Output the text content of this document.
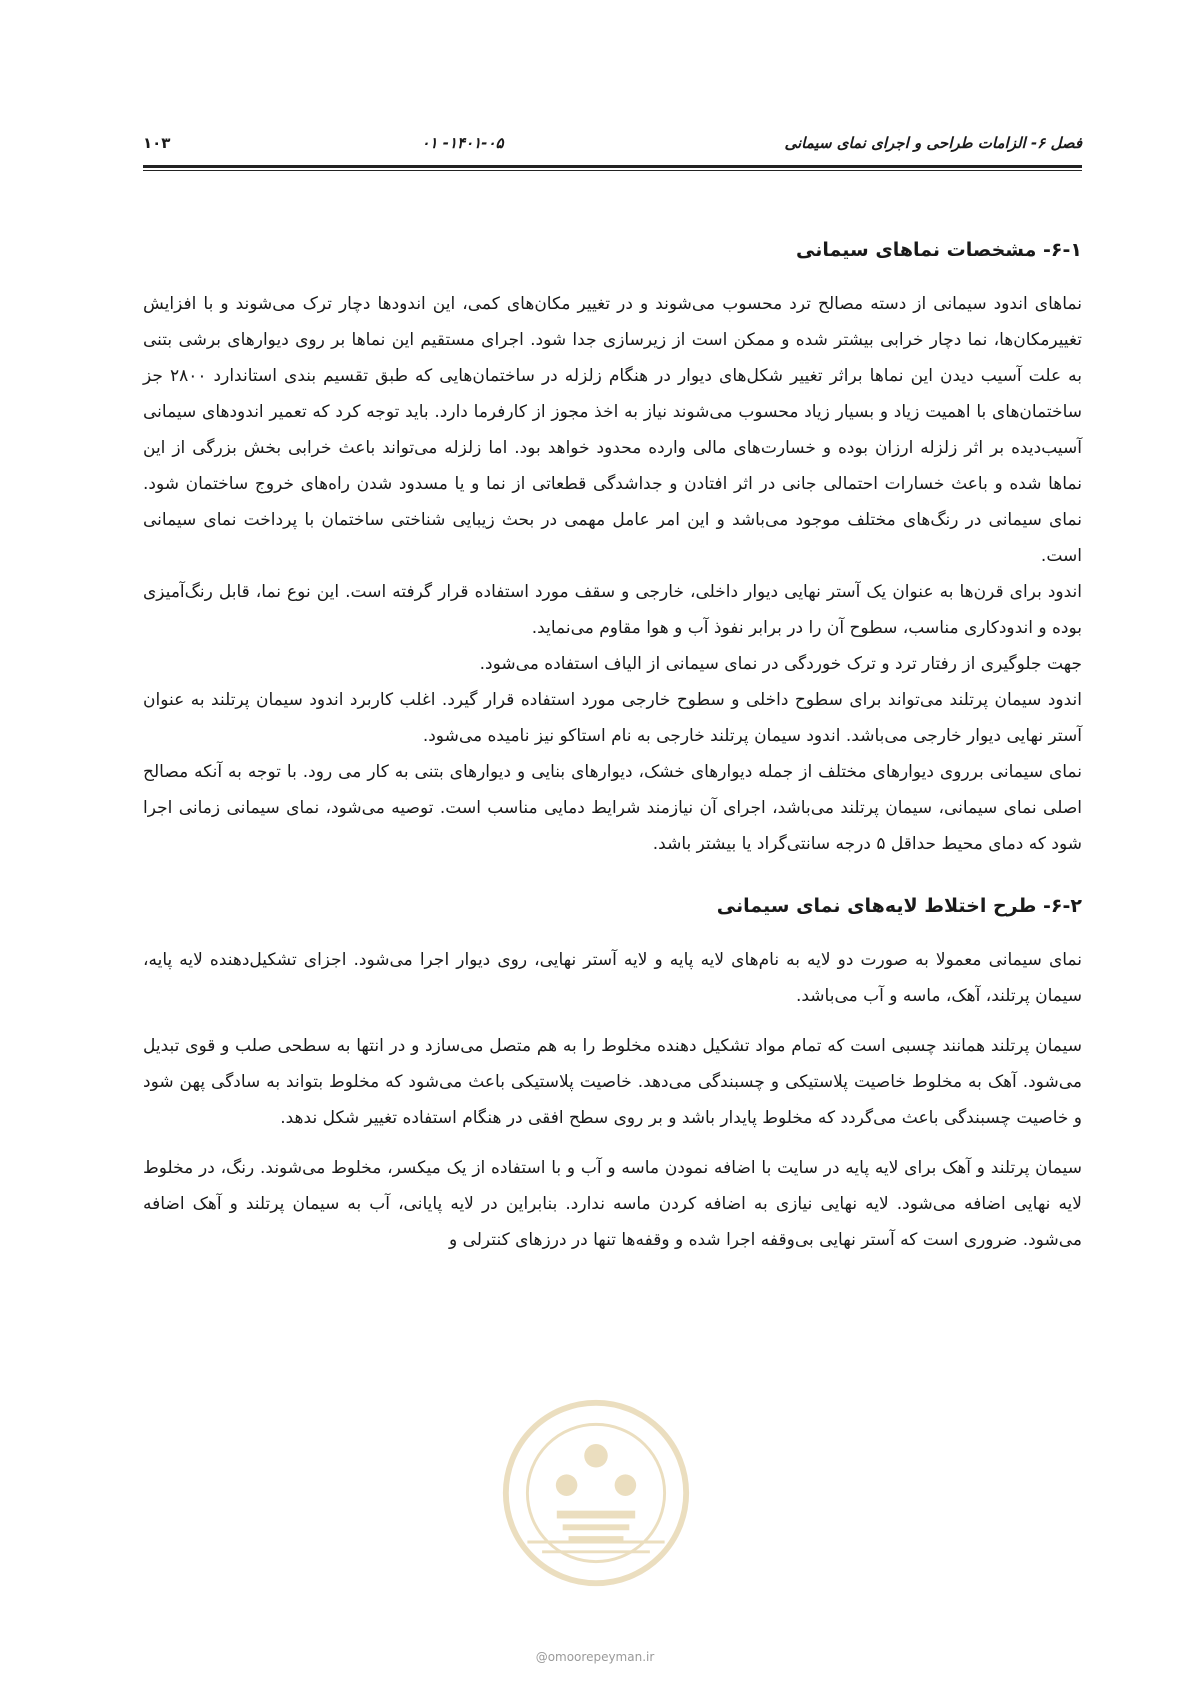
فصل ۶- الزامات طراحی و اجرای نمای سیمانی
۱۴۰۱-۰۵- ۰۱
۱۰۳
۶-۱- مشخصات نماهای سیمانی

نماهای اندود سیمانی از دسته مصالح ترد محسوب می‌شوند و در تغییر مکان‌های کمی، این اندودها دچار ترک می‌شوند و با افزایش تغییرمکان‌ها، نما دچار خرابی بیشتر شده و ممکن است از زیرسازی جدا شود. اجرای مستقیم این نماها بر روی دیوارهای برشی بتنی به علت آسیب دیدن این نماها براثر تغییر شکل‌های دیوار در هنگام زلزله در ساختمان‌هایی که طبق تقسیم بندی استاندارد ۲۸۰۰ جز ساختمان‌های با اهمیت زیاد و بسیار زیاد محسوب می‌شوند نیاز به اخذ مجوز از کارفرما دارد. باید توجه کرد که تعمیر اندودهای سیمانی آسیب‌دیده بر اثر زلزله ارزان بوده و خسارت‌های مالی وارده محدود خواهد بود. اما زلزله می‌تواند باعث خرابی بخش بزرگی از این نماها شده و باعث خسارات احتمالی جانی در اثر افتادن و جداشدگی قطعاتی از نما و یا مسدود شدن راه‌های خروج ساختمان شود. نمای سیمانی در رنگ‌های مختلف موجود می‌باشد و این امر عامل مهمی در بحث زیبایی شناختی ساختمان با پرداخت نمای سیمانی است.

اندود برای قرن‌ها به عنوان یک آستر نهایی دیوار داخلی، خارجی و سقف مورد استفاده قرار گرفته است. این نوع نما، قابل رنگ‌آمیزی بوده و اندودکاری مناسب، سطوح آن را در برابر نفوذ آب و هوا مقاوم می‌نماید.

جهت جلوگیری از رفتار ترد و ترک خوردگی در نمای سیمانی از الیاف استفاده می‌شود.

اندود سیمان پرتلند می‌تواند برای سطوح داخلی و سطوح خارجی مورد استفاده قرار گیرد. اغلب کاربرد اندود سیمان پرتلند به عنوان آستر نهایی دیوار خارجی می‌باشد. اندود سیمان پرتلند خارجی به نام استاکو نیز نامیده می‌شود.

نمای سیمانی برروی دیوارهای مختلف از جمله دیوارهای خشک، دیوارهای بنایی و دیوارهای بتنی به کار می رود. با توجه به آنکه مصالح اصلی نمای سیمانی، سیمان پرتلند می‌باشد، اجرای آن نیازمند شرایط دمایی مناسب است. توصیه می‌شود، نمای سیمانی زمانی اجرا شود که دمای محیط حداقل ۵ درجه سانتی‌گراد یا بیشتر باشد.

۶-۲- طرح اختلاط لایه‌های نمای سیمانی

نمای سیمانی معمولا به صورت دو لایه به نام‌های لایه پایه و لایه آستر نهایی، روی دیوار اجرا می‌شود. اجزای تشکیل‌دهنده لایه پایه، سیمان پرتلند، آهک، ماسه و آب می‌باشد.

سیمان پرتلند همانند چسبی است که تمام مواد تشکیل دهنده مخلوط را به هم متصل می‌سازد و در انتها به سطحی صلب و قوی تبدیل می‌شود. آهک به مخلوط خاصیت پلاستیکی و چسبندگی می‌دهد. خاصیت پلاستیکی باعث می‌شود که مخلوط بتواند به سادگی پهن شود و خاصیت چسبندگی باعث می‌گردد که مخلوط پایدار باشد و بر روی سطح افقی در هنگام استفاده تغییر شکل ندهد.

سیمان پرتلند و آهک برای لایه پایه در سایت با اضافه نمودن ماسه و آب و با استفاده از یک میکسر، مخلوط می‌شوند. رنگ، در مخلوط لایه نهایی اضافه می‌شود. لایه نهایی نیازی به اضافه کردن ماسه ندارد. بنابراین در لایه پایانی، آب به سیمان پرتلند و آهک اضافه می‌شود. ضروری است که آستر نهایی بی‌وقفه اجرا شده و وقفه‌ها تنها در درزهای کنترلی و

@omoorepeyman.ir
